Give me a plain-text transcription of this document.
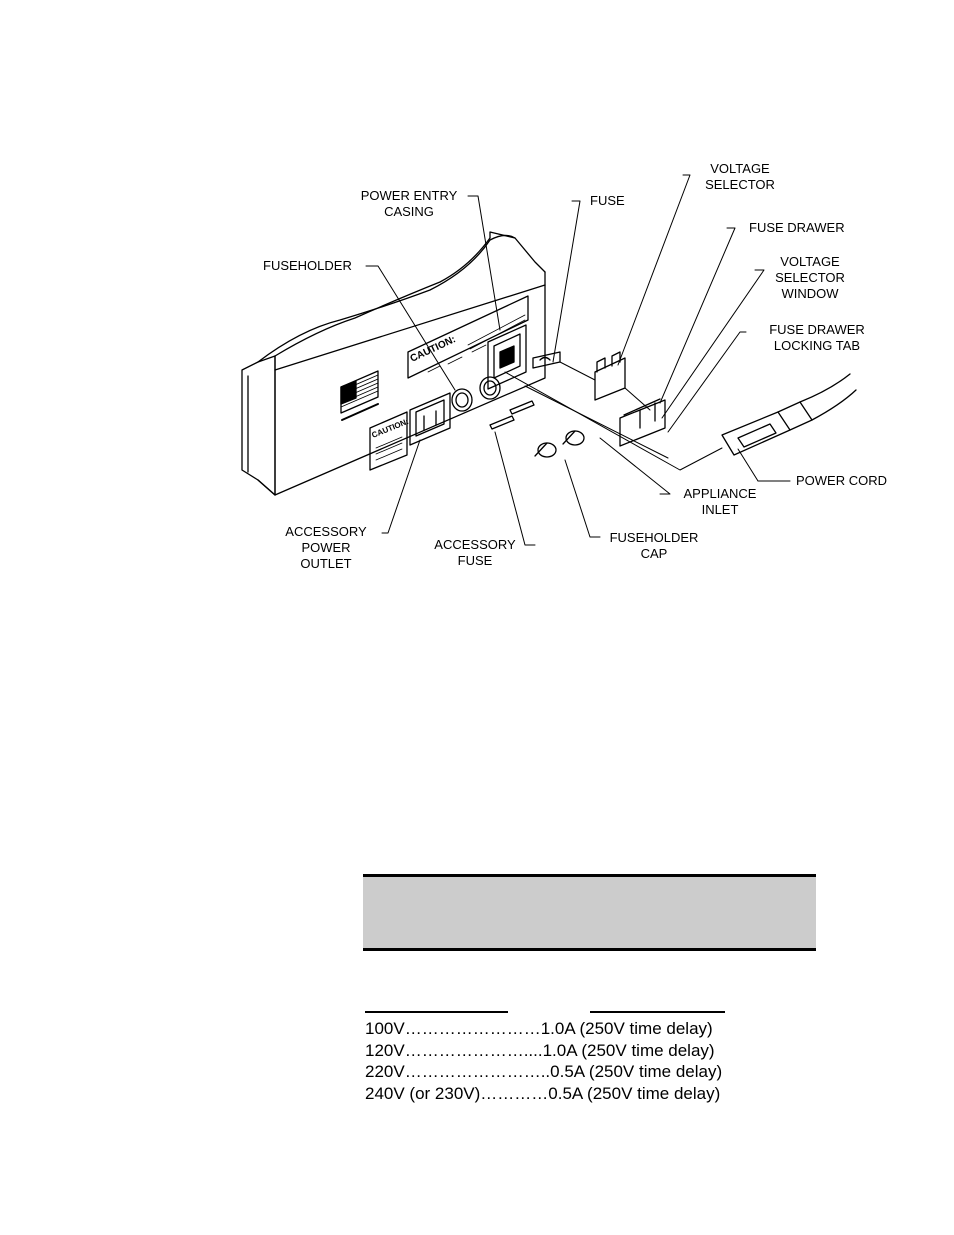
CAUTION:
CAUTION:
POWER ENTRY
CASING
FUSE
VOLTAGE
SELECTOR
FUSE DRAWER
VOLTAGE
SELECTOR
WINDOW
FUSE DRAWER
LOCKING TAB
FUSEHOLDER
POWER CORD
APPLIANCE
INLET
ACCESSORY
POWER
OUTLET
ACCESSORY
FUSE
FUSEHOLDER
CAP
100V……………………1.0A (250V time delay)
120V…………………....1.0A (250V time delay)
220V……………………..0.5A (250V time delay)
240V (or 230V)…………0.5A (250V time delay)
